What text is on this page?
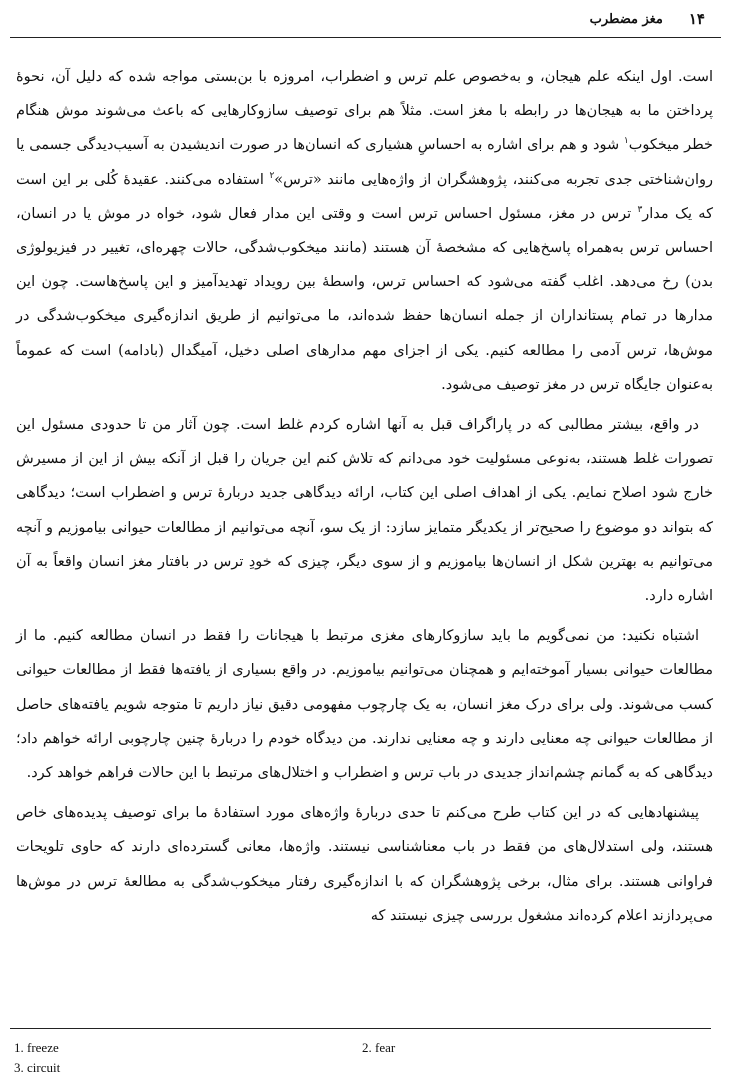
۱۴
مغز مضطرب

است. اول اینکه علم هیجان، و به‌خصوص علم ترس و اضطراب، امروزه با بن‌بستی مواجه شده که دلیل آن، نحوهٔ پرداختن ما به هیجان‌ها در رابطه با مغز است. مثلاً هم برای توصیف سازوکارهایی که باعث می‌شوند موش هنگام خطر میخکوب$^۱$ شود و هم برای اشاره به احساسِ هشیاری که انسان‌ها در صورت اندیشیدن به آسیب‌دیدگی جسمی یا روان‌شناختی جدی تجربه می‌کنند، پژوهشگران از واژه‌هایی مانند «ترس»$^۲$ استفاده می‌کنند. عقیدهٔ کُلی بر این است که یک مدار$^۳$ ترس در مغز، مسئول احساس ترس است و وقتی این مدار فعال شود، خواه در موش یا در انسان، احساس ترس به‌همراه پاسخ‌هایی که مشخصهٔ آن هستند (مانند میخکوب‌شدگی، حالات چهره‌ای، تغییر در فیزیولوژی بدن) رخ می‌دهد. اغلب گفته می‌شود که احساس ترس، واسطهٔ بین رویداد تهدیدآمیز و این پاسخ‌هاست. چون این مدارها در تمام پستانداران از جمله انسان‌ها حفظ شده‌اند، ما می‌توانیم از طریق اندازه‌گیری میخکوب‌شدگی در موش‌ها، ترس آدمی را مطالعه کنیم. یکی از اجزای مهم مدارهای اصلی دخیل، آمیگدال (بادامه) است که عموماً به‌عنوان جایگاه ترس در مغز توصیف می‌شود.

در واقع، بیشتر مطالبی که در پاراگراف قبل به آنها اشاره کردم غلط است. چون آثار من تا حدودی مسئول این تصورات غلط هستند، به‌نوعی مسئولیت خود می‌دانم که تلاش کنم این جریان را قبل از آنکه بیش از این از مسیرش خارج شود اصلاح نمایم. یکی از اهداف اصلی این کتاب، ارائه دیدگاهی جدید دربارهٔ ترس و اضطراب است؛ دیدگاهی که بتواند دو موضوع را صحیح‌تر از یکدیگر متمایز سازد: از یک سو، آنچه می‌توانیم از مطالعات حیوانی بیاموزیم و آنچه می‌توانیم به بهترین شکل از انسان‌ها بیاموزیم و از سوی دیگر، چیزی که خودِ ترس در بافتار مغز انسان واقعاً به آن اشاره دارد.

اشتباه نکنید: من نمی‌گویم ما باید سازوکارهای مغزی مرتبط با هیجانات را فقط در انسان مطالعه کنیم. ما از مطالعات حیوانی بسیار آموخته‌ایم و همچنان می‌توانیم بیاموزیم. در واقع بسیاری از یافته‌ها فقط از مطالعات حیوانی کسب می‌شوند. ولی برای درک مغز انسان، به یک چارچوب مفهومی دقیق نیاز داریم تا متوجه شویم یافته‌های حاصل از مطالعات حیوانی چه معنایی دارند و چه معنایی ندارند. من دیدگاه خودم را دربارهٔ چنین چارچوبی ارائه خواهم داد؛ دیدگاهی که به گمانم چشم‌انداز جدیدی در باب ترس و اضطراب و اختلال‌های مرتبط با این حالات فراهم خواهد کرد.

پیشنهادهایی که در این کتاب طرح می‌کنم تا حدی دربارهٔ واژه‌های مورد استفادهٔ ما برای توصیف پدیده‌های خاص هستند، ولی استدلال‌های من فقط در باب معناشناسی نیستند. واژه‌ها، معانی گسترده‌ای دارند که حاوی تلویحات فراوانی هستند. برای مثال، برخی پژوهشگران که با اندازه‌گیری رفتار میخکوب‌شدگی به مطالعهٔ ترس در موش‌ها می‌پردازند اعلام کرده‌اند مشغول بررسی چیزی نیستند که

1. freeze	2. fear
3. circuit
